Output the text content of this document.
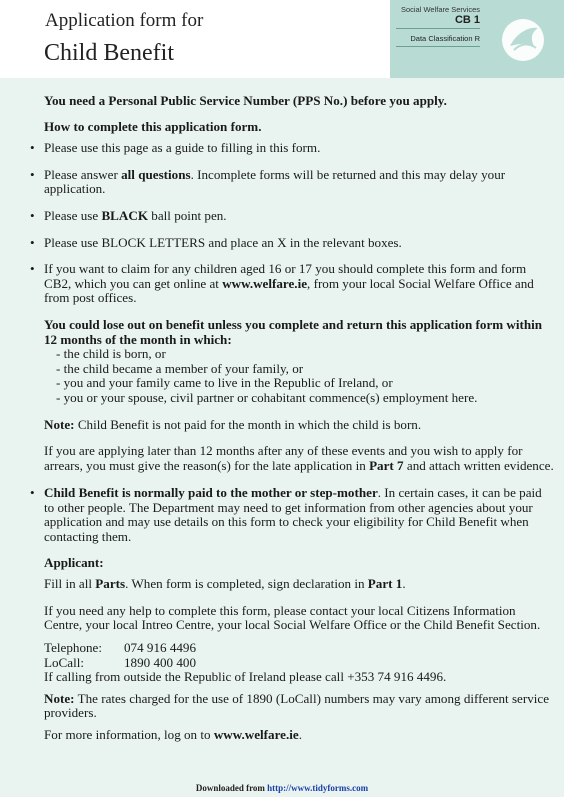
Application form for
Child Benefit
Social Welfare Services
CB 1
Data Classification R

You need a Personal Public Service Number (PPS No.) before you apply.

How to complete this application form.

• Please use this page as a guide to filling in this form.

• Please answer all questions. Incomplete forms will be returned and this may delay your application.

• Please use BLACK ball point pen.

• Please use BLOCK LETTERS and place an X in the relevant boxes.

• If you want to claim for any children aged 16 or 17 you should complete this form and form CB2, which you can get online at www.welfare.ie, from your local Social Welfare Office and from post offices.

You could lose out on benefit unless you complete and return this application form within 12 months of the month in which:

- the child is born, or

- the child became a member of your family, or

- you and your family came to live in the Republic of Ireland, or

- you or your spouse, civil partner or cohabitant commence(s) employment here.

Note: Child Benefit is not paid for the month in which the child is born.

If you are applying later than 12 months after any of these events and you wish to apply for arrears, you must give the reason(s) for the late application in Part 7 and attach written evidence.

• Child Benefit is normally paid to the mother or step-mother. In certain cases, it can be paid to other people. The Department may need to get information from other agencies about your application and may use details on this form to check your eligibility for Child Benefit when contacting them.

Applicant:

Fill in all Parts. When form is completed, sign declaration in Part 1.

If you need any help to complete this form, please contact your local Citizens Information Centre, your local Intreo Centre, your local Social Welfare Office or the Child Benefit Section.

Telephone: 074 916 4496

LoCall:	1890 400 400

If calling from outside the Republic of Ireland please call +353 74 916 4496.

Note: The rates charged for the use of 1890 (LoCall) numbers may vary among different service providers.

For more information, log on to www.welfare.ie.

Downloaded from http://www.tidyforms.com
